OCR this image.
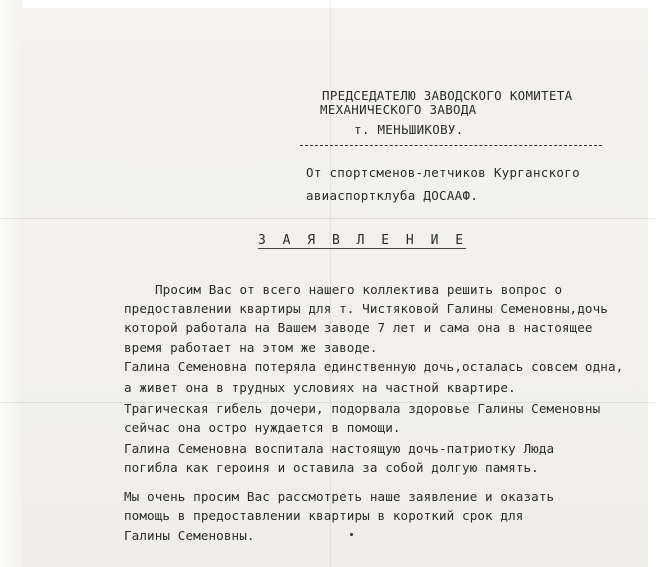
ПРЕДСЕДАТЕЛЮ ЗАВОДСКОГО КОМИТЕТА
МЕХАНИЧЕСКОГО ЗАВОДА
т. МЕНЬШИКОВУ.
От спортсменов-летчиков Курганского
авиаспортклуба ДОСААФ.
З А Я В Л Е Н И Е
Просим Вас от всего нашего коллектива решить вопрос о
предоставлении квартиры для т. Чистяковой Галины Семеновны,дочь
которой работала на Вашем заводе 7 лет и сама она в настоящее
время работает на этом же заводе.
Галина Семеновна потеряла единственную дочь,осталась совсем одна,
а живет она в трудных условиях на частной квартире.
Трагическая гибель дочери, подорвала здоровье Галины Семеновны
сейчас она остро нуждается в помощи.
Галина Семеновна воспитала настоящую дочь-патриотку Люда
погибла как героиня и оставила за собой долгую память.
Мы очень просим Вас рассмотреть наше заявление и оказать
помощь в предоставлении квартиры в короткий срок для
Галины Семеновны.
